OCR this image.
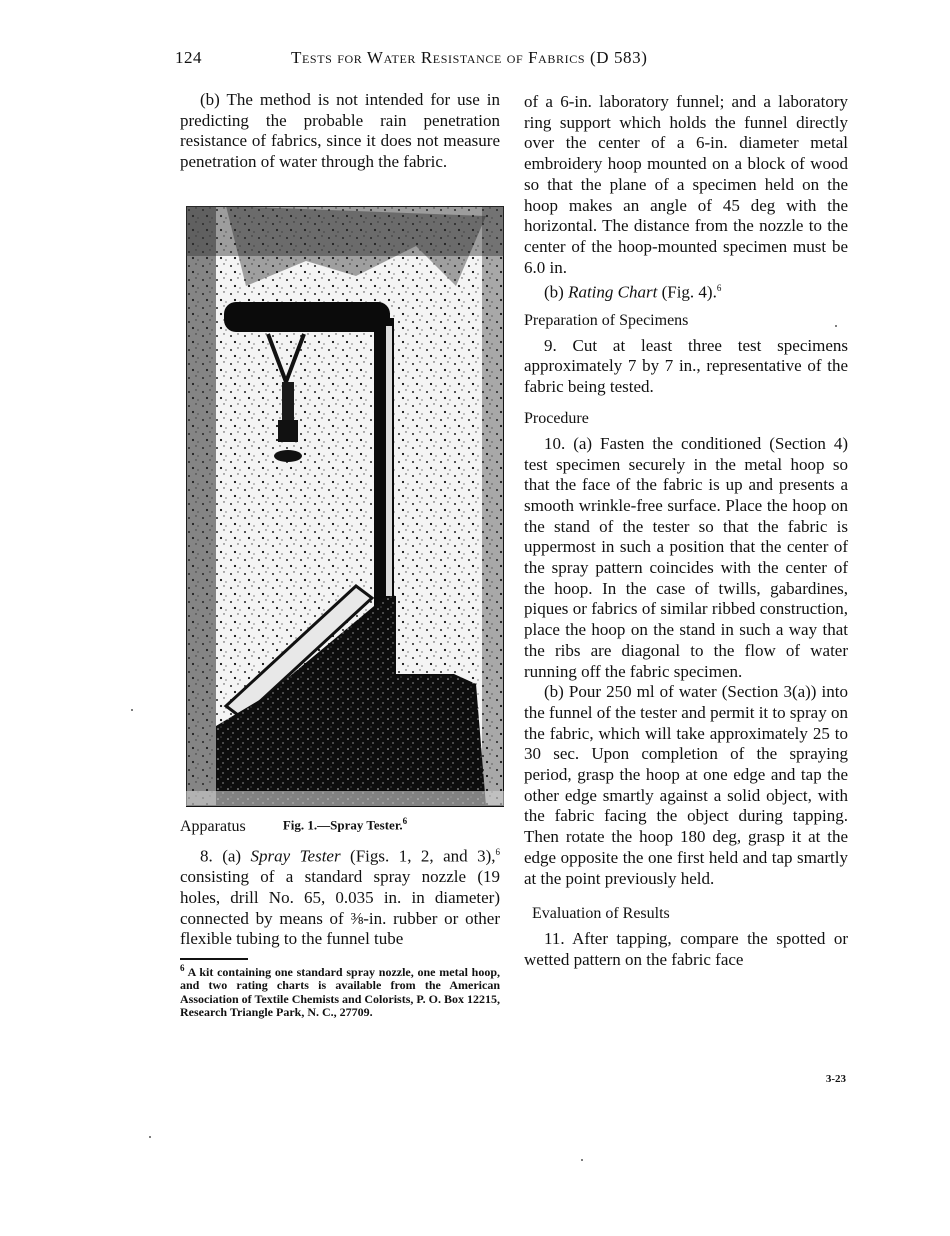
124	Tests for Water Resistance of Fabrics (D 583)

(b) The method is not intended for use in predicting the probable rain penetration resistance of fabrics, since it does not measure penetration of water through the fabric.

Fig. 1.—Spray Tester.$^6$
Apparatus

8. (a) Spray Tester (Figs. 1, 2, and 3),$^6$ consisting of a standard spray nozzle (19 holes, drill No. 65, 0.035 in. in diameter) connected by means of ⅜-in. rubber or other flexible tubing to the funnel tube

$^6$ A kit containing one standard spray nozzle, one metal hoop, and two rating charts is available from the American Association of Textile Chemists and Colorists, P. O. Box 12215, Research Triangle Park, N. C., 27709.

of a 6-in. laboratory funnel; and a laboratory ring support which holds the funnel directly over the center of a 6-in. diameter metal embroidery hoop mounted on a block of wood so that the plane of a specimen held on the hoop makes an angle of 45 deg with the horizontal. The distance from the nozzle to the center of the hoop-mounted specimen must be 6.0 in.

(b) Rating Chart (Fig. 4).$^6$

Preparation of Specimens

9. Cut at least three test specimens approximately 7 by 7 in., representative of the fabric being tested.

Procedure

10. (a) Fasten the conditioned (Section 4) test specimen securely in the metal hoop so that the face of the fabric is up and presents a smooth wrinkle-free surface. Place the hoop on the stand of the tester so that the fabric is uppermost in such a position that the center of the spray pattern coincides with the center of the hoop. In the case of twills, gabardines, piques or fabrics of similar ribbed construction, place the hoop on the stand in such a way that the ribs are diagonal to the flow of water running off the fabric specimen.

(b) Pour 250 ml of water (Section 3(a)) into the funnel of the tester and permit it to spray on the fabric, which will take approximately 25 to 30 sec. Upon completion of the spraying period, grasp the hoop at one edge and tap the other edge smartly against a solid object, with the fabric facing the object during tapping. Then rotate the hoop 180 deg, grasp it at the edge opposite the one first held and tap smartly at the point previously held.

Evaluation of Results

11. After tapping, compare the spotted or wetted pattern on the fabric face

3-23
